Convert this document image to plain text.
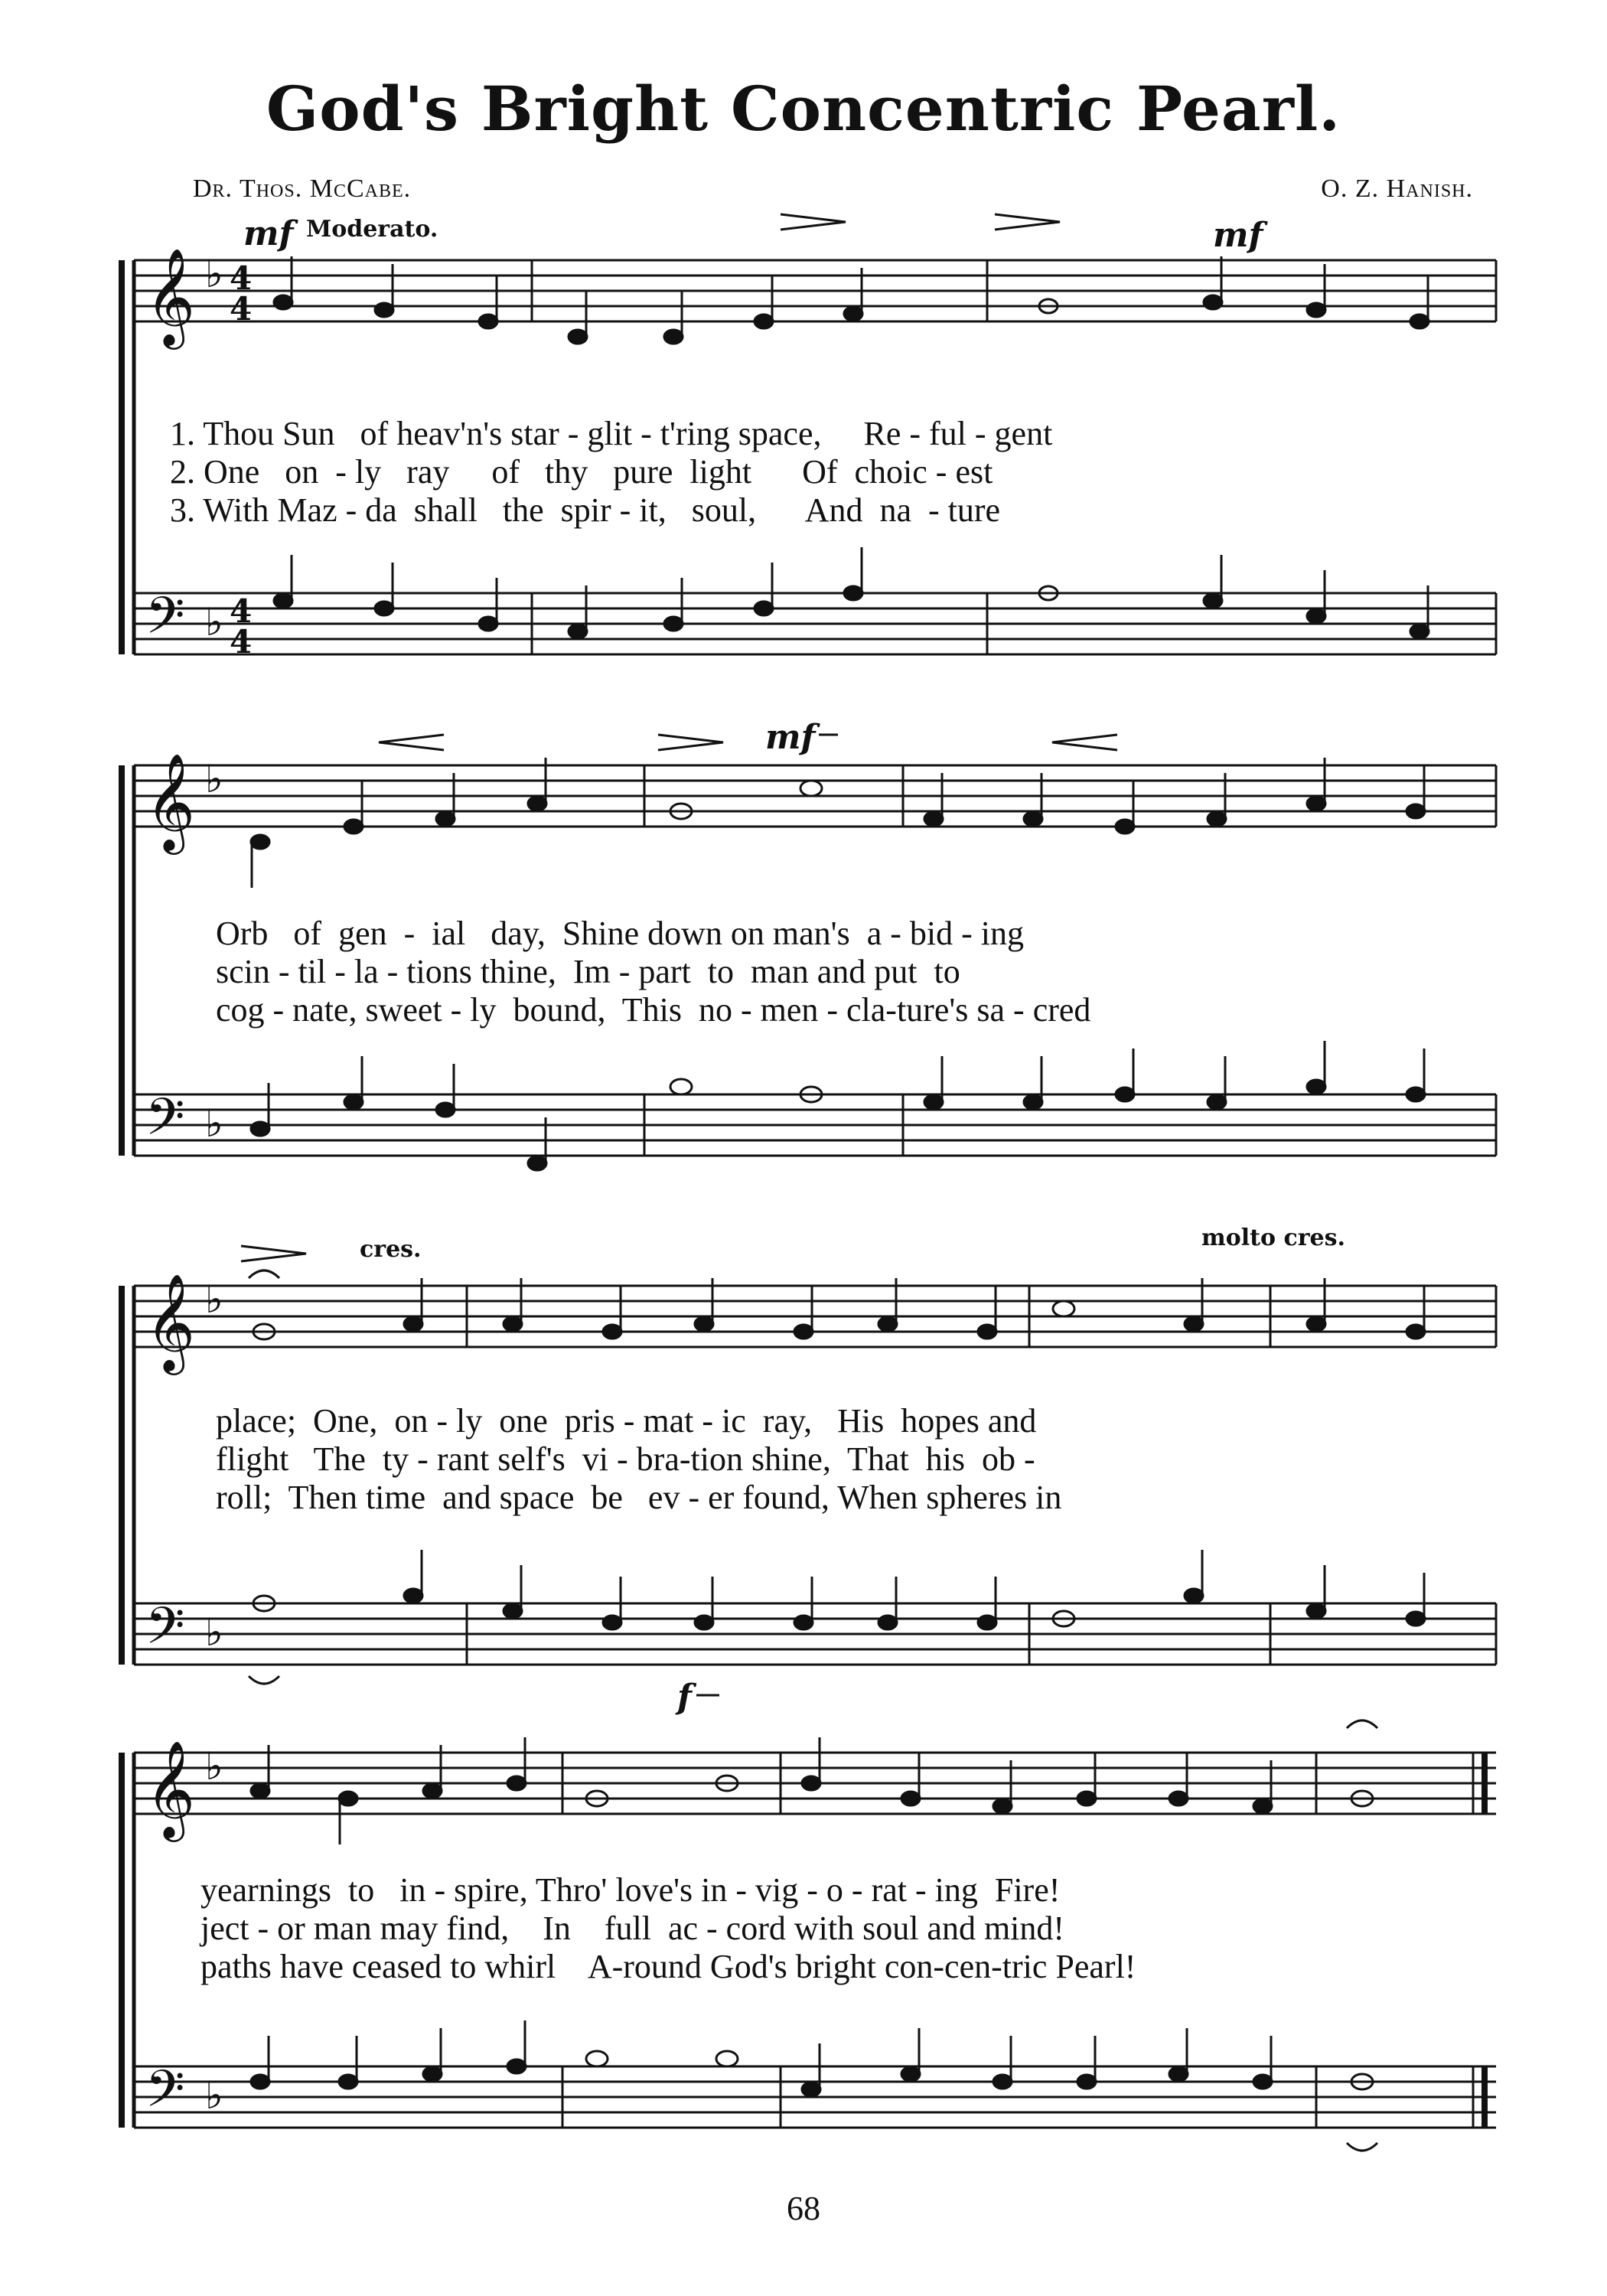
God's Bright Concentric Pearl.
Dr. Thos. McCabe.	O. Z. Hanish.
𝄞
𝄢
♭
♭
4
4
4
4
mf Moderato.	mf
1. Thou Sun   of heav'n's star - glit - t'ring space,     Re - ful - gent
2. One   on  - ly   ray     of   thy   pure  light      Of  choic - est
3. With Maz - da  shall   the  spir - it,   soul,      And  na  - ture
𝄞
𝄢
♭
♭
mf
Orb   of  gen  -  ial   day,  Shine down on man's  a - bid - ing
scin - til - la - tions thine,  Im - part  to  man and put  to
cog - nate, sweet - ly  bound,  This  no - men - cla-ture's sa - cred
𝄞
𝄢
♭
♭
cres.	molto cres.
place;  One,  on - ly  one  pris - mat - ic  ray,   His  hopes and
flight   The  ty - rant self's  vi - bra-tion shine,  That  his  ob -
roll;  Then time  and space  be   ev - er found, When spheres in
𝄞
𝄢
♭
♭
f
yearnings  to   in - spire, Thro' love's in - vig - o - rat - ing  Fire!
ject - or man may find,    In    full  ac - cord with soul and mind!
paths have ceased to whirl    A-round God's bright con-cen-tric Pearl!
68
